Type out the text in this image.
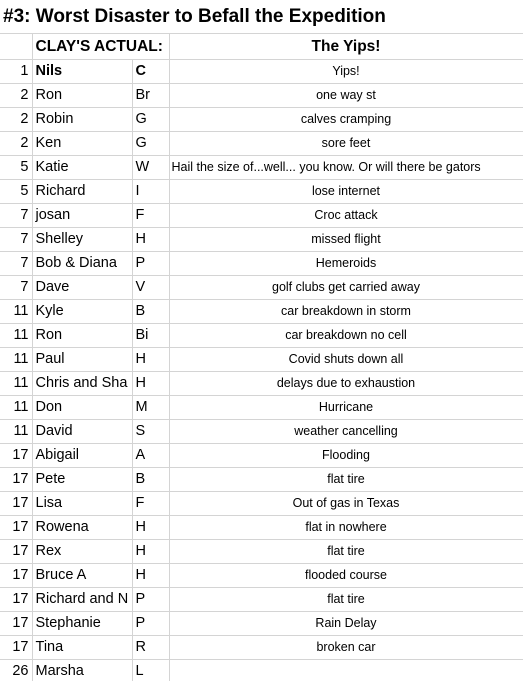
#3: Worst Disaster to Befall the Expedition
	CLAY'S ACTUAL:		The Yips!
1	Nils	C	Yips!
2	Ron	Br	one way st
2	Robin	G	calves cramping
2	Ken	G	sore feet
5	Katie	W	Hail the size of...well... you know. Or will there be gators
5	Richard	I	lose internet
7	josan	F	Croc attack
7	Shelley	H	missed flight
7	Bob & Diana	P	Hemeroids
7	Dave	V	golf clubs get carried away
11	Kyle	B	car breakdown in storm
11	Ron	Bi	car breakdown no cell
11	Paul	H	Covid shuts down all
11	Chris and Sha	H	delays due to exhaustion
11	Don	M	Hurricane
11	David	S	weather cancelling
17	Abigail	A	Flooding
17	Pete	B	flat tire
17	Lisa	F	Out of gas in Texas
17	Rowena	H	flat in nowhere
17	Rex	H	flat tire
17	Bruce A	H	flooded course
17	Richard and N	P	flat tire
17	Stephanie	P	Rain Delay
17	Tina	R	broken car
26	Marsha	L	
